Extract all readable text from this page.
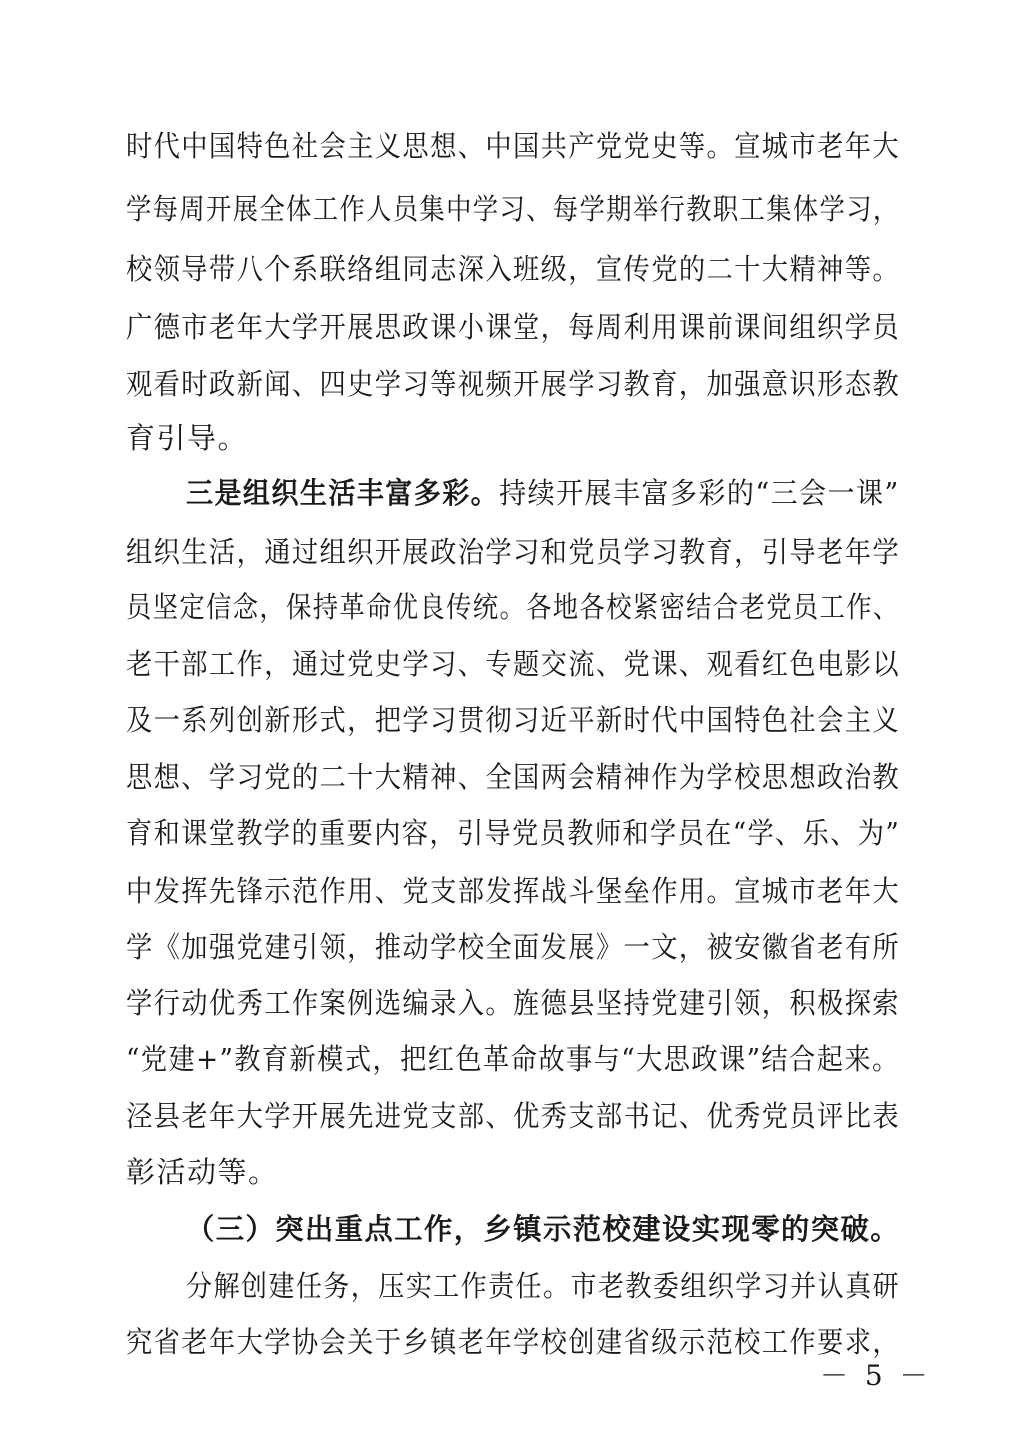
时代中国特色社会主义思想、中国共产党党史等。宣城市老年大
学每周开展全体工作人员集中学习、每学期举行教职工集体学习，
校领导带八个系联络组同志深入班级，宣传党的二十大精神等。
广德市老年大学开展思政课小课堂，每周利用课前课间组织学员
观看时政新闻、四史学习等视频开展学习教育，加强意识形态教
育引导。
三是组织生活丰富多彩。持续开展丰富多彩的“三会一课”
组织生活，通过组织开展政治学习和党员学习教育，引导老年学
员坚定信念，保持革命优良传统。各地各校紧密结合老党员工作、
老干部工作，通过党史学习、专题交流、党课、观看红色电影以
及一系列创新形式，把学习贯彻习近平新时代中国特色社会主义
思想、学习党的二十大精神、全国两会精神作为学校思想政治教
育和课堂教学的重要内容，引导党员教师和学员在“学、乐、为”
中发挥先锋示范作用、党支部发挥战斗堡垒作用。宣城市老年大
学《加强党建引领，推动学校全面发展》一文，被安徽省老有所
学行动优秀工作案例选编录入。旌德县坚持党建引领，积极探索
“党建+”教育新模式，把红色革命故事与“大思政课”结合起来。
泾县老年大学开展先进党支部、优秀支部书记、优秀党员评比表
彰活动等。
（三）突出重点工作，乡镇示范校建设实现零的突破。
分解创建任务，压实工作责任。市老教委组织学习并认真研
究省老年大学协会关于乡镇老年学校创建省级示范校工作要求，
－ 5 －
